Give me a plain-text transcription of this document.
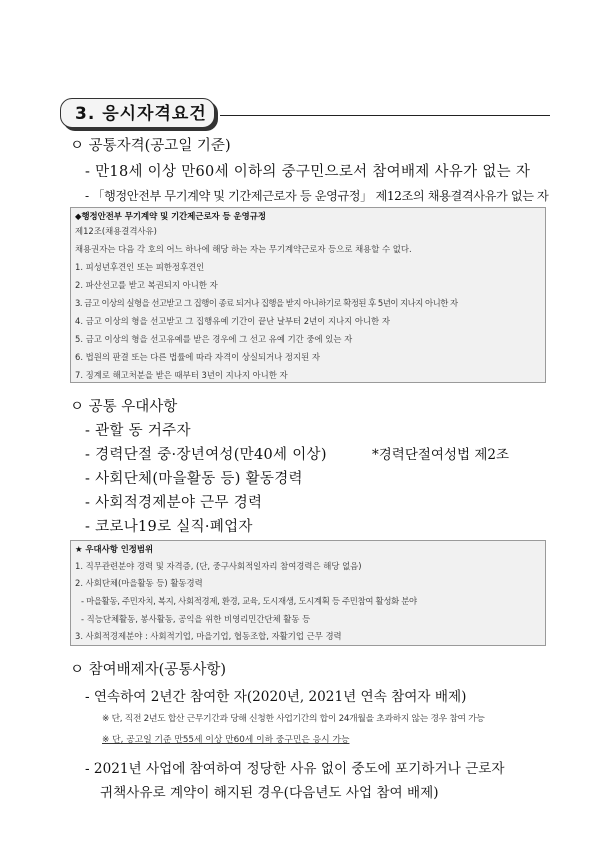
3. 응시자격요건
ㅇ 공통자격(공고일 기준)
- 만18세 이상 만60세 이하의 중구민으로서 참여배제 사유가 없는 자
- 「행정안전부 무기계약 및 기간제근로자 등 운영규정」 제12조의 채용결격사유가 없는 자
◆행정안전부 무기계약 및 기간제근로자 등 운영규정
제12조(채용결격사유)
채용권자는 다음 각 호의 어느 하나에 해당 하는 자는 무기계약근로자 등으로 채용할 수 없다.
1. 피성년후견인 또는 피한정후견인
2. 파산선고를 받고 복권되지 아니한 자
3. 금고 이상의 실형을 선고받고 그 집행이 종료 되거나 집행을 받지 아니하기로 확정된 후 5년이 지나지 아니한 자
4. 금고 이상의 형을 선고받고 그 집행유예 기간이 끝난 날부터 2년이 지나지 아니한 자
5. 금고 이상의 형을 선고유예를 받은 경우에 그 선고 유예 기간 중에 있는 자
6. 법원의 판결 또는 다른 법률에 따라 자격이 상실되거나 정지된 자
7. 징계로 해고처분을 받은 때부터 3년이 지나지 아니한 자
ㅇ 공통 우대사항
- 관할 동 거주자
- 경력단절 중·장년여성(만40세 이상)	*경력단절여성법 제2조
- 사회단체(마을활동 등) 활동경력
- 사회적경제분야 근무 경력
- 코로나19로 실직·폐업자
★ 우대사항 인정범위
1. 직무관련분야 경력 및 자격증, (단, 중구사회적일자리 참여경력은 해당 없음)
2. 사회단체(마을활동 등) 활동경력
- 마을활동, 주민자치, 복지, 사회적경제, 환경, 교육, 도시재생, 도시계획 등 주민참여 활성화 분야
- 직능단체활동, 봉사활동, 공익을 위한 비영리민간단체 활동 등
3. 사회적경제분야 : 사회적기업, 마을기업, 협동조합, 자활기업 근무 경력
ㅇ 참여배제자(공통사항)
- 연속하여 2년간 참여한 자(2020년, 2021년 연속 참여자 배제)
※ 단, 직전 2년도 합산 근무기간과 당해 신청한 사업기간의 합이 24개월을 초과하지 않는 경우 참여 가능
※ 단, 공고일 기준 만55세 이상 만60세 이하 중구민은 응시 가능
- 2021년 사업에 참여하여 정당한 사유 없이 중도에 포기하거나 근로자
귀책사유로 계약이 해지된 경우(다음년도 사업 참여 배제)
